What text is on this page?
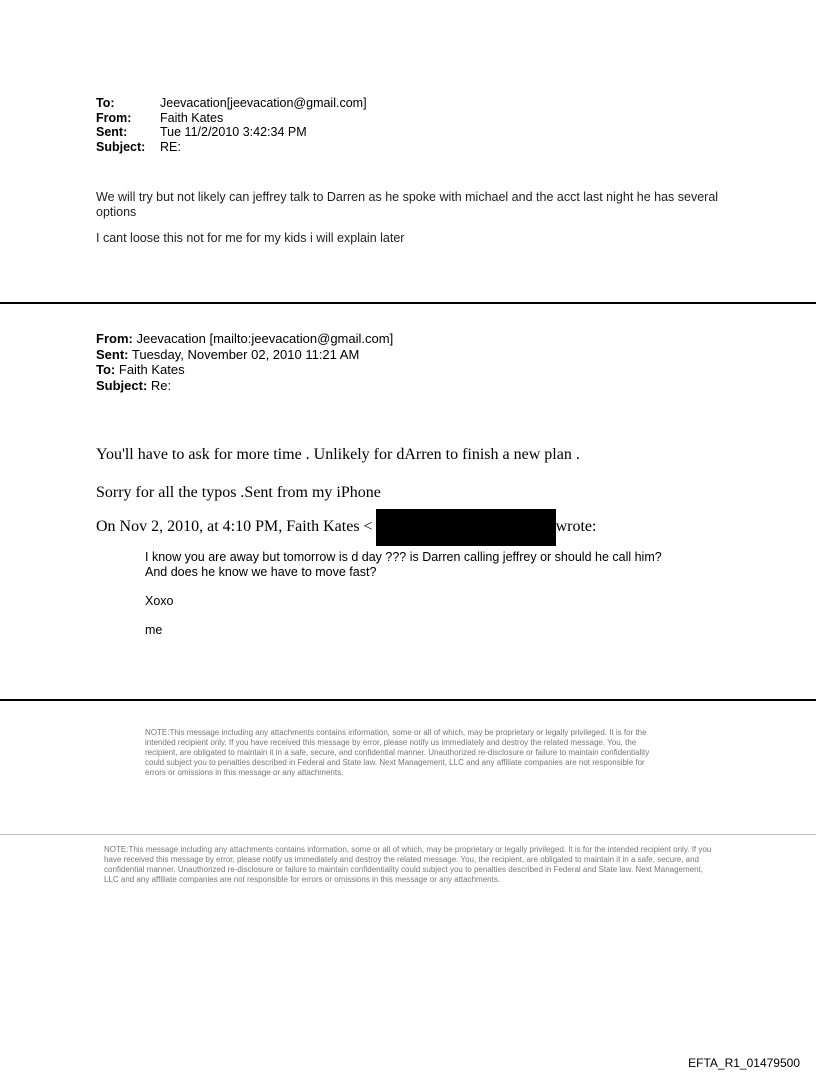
To:	Jeevacation[jeevacation@gmail.com]
From:	Faith Kates
Sent:	Tue 11/2/2010 3:42:34 PM
Subject:	RE:

We will try but not likely can jeffrey talk to Darren as he spoke with michael and the acct last night he has several options

I cant loose this not for me for my kids i will explain later

From: Jeevacation [mailto:jeevacation@gmail.com]
Sent: Tuesday, November 02, 2010 11:21 AM
To: Faith Kates
Subject: Re:
You'll have to ask for more time . Unlikely for dArren to finish a new plan .
Sorry for all the typos .Sent from my iPhone
On Nov 2, 2010, at 4:10 PM, Faith Kates <	wrote:

I know you are away but tomorrow is d day ??? is Darren calling jeffrey or should he call him? And does he know we have to move fast?

Xoxo

me

NOTE:This message including any attachments contains information, some or all of which, may be proprietary or legally privileged. It is for the intended recipient only. If you have received this message by error, please notify us immediately and destroy the related message. You, the recipient, are obligated to maintain it in a safe, secure, and confidential manner. Unauthorized re-disclosure or failure to maintain confidentiality could subject you to penalties described in Federal and State law. Next Management, LLC and any affiliate companies are not responsible for errors or omissions in this message or any attachments.
NOTE:This message including any attachments contains information, some or all of which, may be proprietary or legally privileged. It is for the intended recipient only. If you have received this message by error, please notify us immediately and destroy the related message. You, the recipient, are obligated to maintain it in a safe, secure, and confidential manner. Unauthorized re-disclosure or failure to maintain confidentiality could subject you to penalties described in Federal and State law. Next Management, LLC and any affiliate companies are not responsible for errors or omissions in this message or any attachments.
EFTA_R1_01479500
